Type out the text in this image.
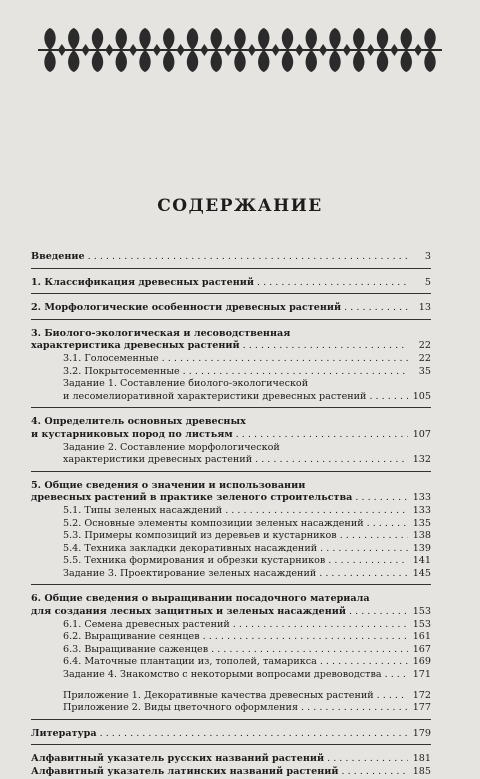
СОДЕРЖАНИЕ
Введение . . .	3
1. Классификация древесных растений . . .	5
2. Морфологические особенности древесных растений . . .	13
3. Биолого-экологическая и лесоводственная
характеристика древесных растений . . .	22
3.1. Голосеменные . . .	22
3.2. Покрытосеменные . . .	35
Задание 1. Составление биолого-экологической
и лесомелиоративной характеристики древесных растений . . .	105
4. Определитель основных древесных
и кустарниковых пород по листьям . . .	107
Задание 2. Составление морфологической
характеристики древесных растений . . .	132
5. Общие сведения о значении и использовании
древесных растений в практике зеленого строительства . . .	133
5.1. Типы зеленых насаждений . . .	133
5.2. Основные элементы композиции зеленых насаждений . . .	135
5.3. Примеры композиций из деревьев и кустарников . . .	138
5.4. Техника закладки декоративных насаждений . . .	139
5.5. Техника формирования и обрезки кустарников . . .	141
Задание 3. Проектирование зеленых насаждений . . .	145
6. Общие сведения о выращивании посадочного материала
для создания лесных защитных и зеленых насаждений . . .	153
6.1. Семена древесных растений . . .	153
6.2. Выращивание сеянцев . . .	161
6.3. Выращивание саженцев . . .	167
6.4. Маточные плантации из, тополей, тамарикса . . .	169
Задание 4. Знакомство с некоторыми вопросами древоводства . . .	171
Приложение 1. Декоративные качества древесных растений . . .	172
Приложение 2. Виды цветочного оформления . . .	177
Литература . . .	179
Алфавитный указатель русских названий растений . . .	181
Алфавитный указатель латинских названий растений . . .	185
